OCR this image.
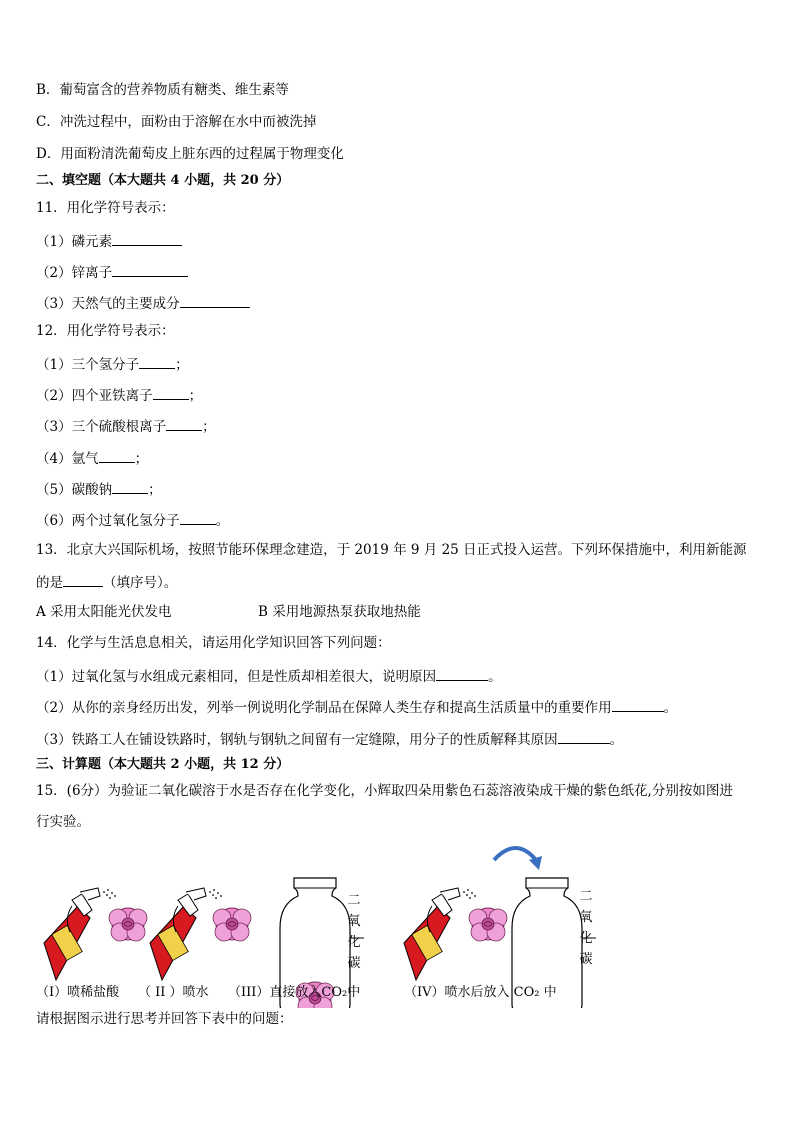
B．葡萄富含的营养物质有糖类、维生素等
C．冲洗过程中，面粉由于溶解在水中而被洗掉
D．用面粉清洗葡萄皮上脏东西的过程属于物理变化
二、填空题（本大题共 4 小题，共 20 分）
11．用化学符号表示：
（1）磷元素
（2）锌离子
（3）天然气的主要成分
12．用化学符号表示：
（1）三个氢分子	；
（2）四个亚铁离子	；
（3）三个硫酸根离子	；
（4）氩气	；
（5）碳酸钠	；
（6）两个过氧化氢分子	。
13．北京大兴国际机场，按照节能环保理念建造，于 2019 年 9 月 25 日正式投入运营。下列环保措施中，利用新能源
的是	（填序号）。
A 采用太阳能光伏发电	B 采用地源热泵获取地热能
14．化学与生活息息相关，请运用化学知识回答下列问题：
（1）过氧化氢与水组成元素相同，但是性质却相差很大，说明原因	。
（2）从你的亲身经历出发，列举一例说明化学制品在保障人类生存和提高生活质量中的重要作用	。
（3）铁路工人在铺设铁路时，钢轨与钢轨之间留有一定缝隙，用分子的性质解释其原因	。
三、计算题（本大题共 2 小题，共 12 分）
15．(6分）为验证二氧化碳溶于水是否存在化学变化，小辉取四朵用紫色石蕊溶液染成干燥的紫色纸花,分别按如图进
行实验。
二
氧
化
碳
二
氧
化
碳
（I）喷稀盐酸 （ II ）喷水 （III）直接放入CO₂中	（IV）喷水后放入 CO₂ 中
请根据图示进行思考并回答下表中的问题：
